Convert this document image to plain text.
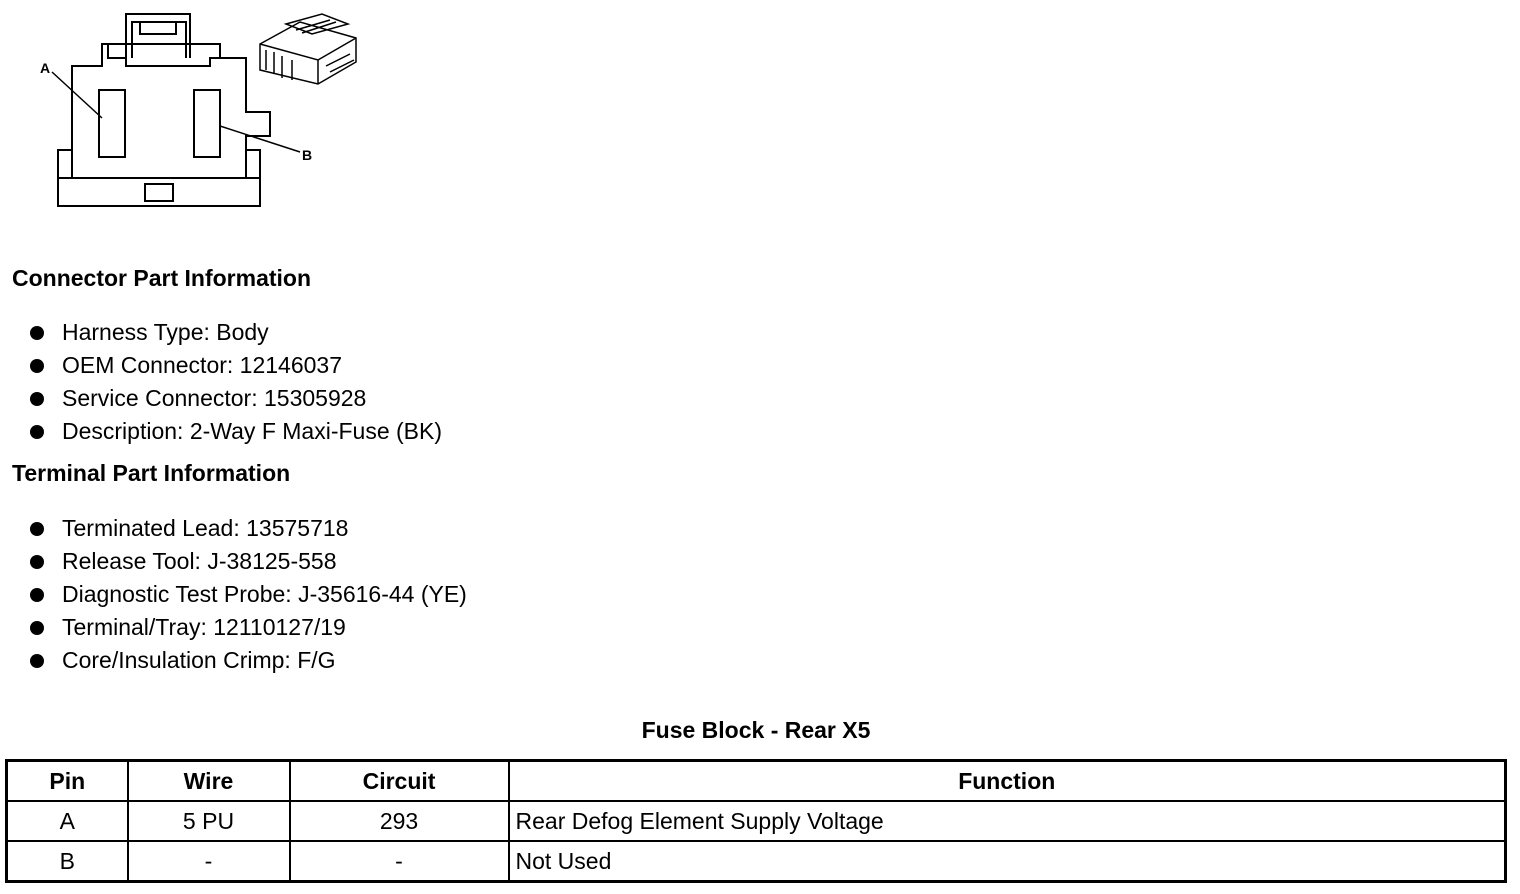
A
B
Connector Part Information
Harness Type: Body
OEM Connector: 12146037
Service Connector: 15305928
Description: 2-Way F Maxi-Fuse (BK)
Terminal Part Information
Terminated Lead: 13575718
Release Tool: J-38125-558
Diagnostic Test Probe: J-35616-44 (YE)
Terminal/Tray: 12110127/19
Core/Insulation Crimp: F/G
Fuse Block - Rear X5
Pin	Wire	Circuit	Function
A	5 PU	293	Rear Defog Element Supply Voltage
B	-	-	Not Used
